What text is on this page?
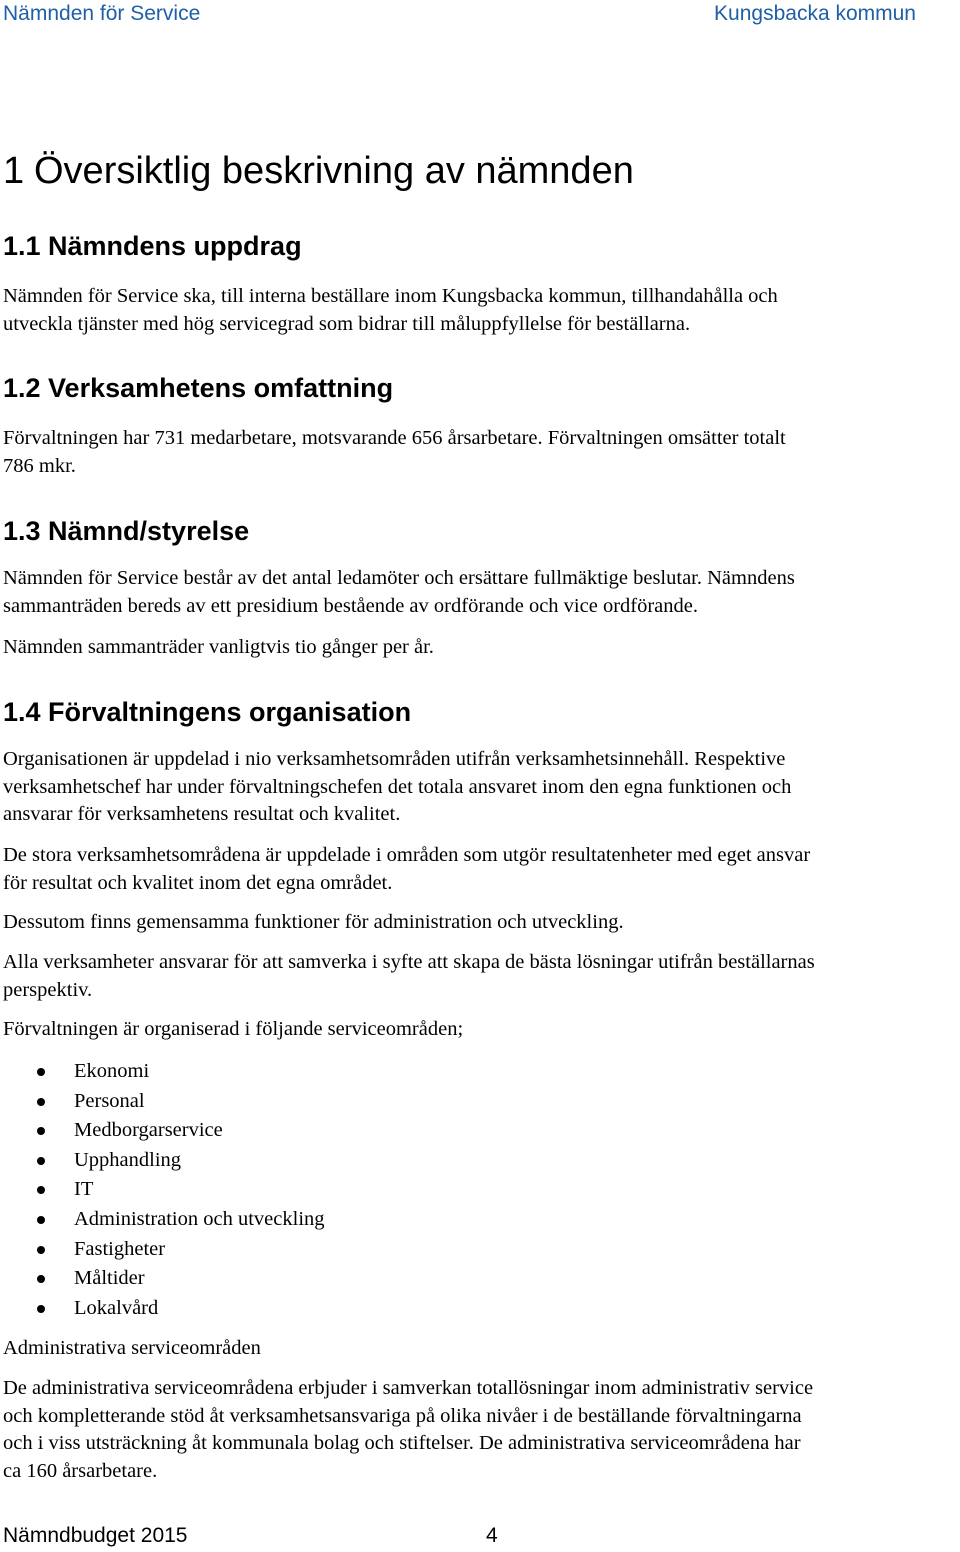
Nämnden för Service	Kungsbacka kommun
1 Översiktlig beskrivning av nämnden
1.1 Nämndens uppdrag
Nämnden för Service ska, till interna beställare inom Kungsbacka kommun, tillhandahålla och
utveckla tjänster med hög servicegrad som bidrar till måluppfyllelse för beställarna.
1.2 Verksamhetens omfattning
Förvaltningen har 731 medarbetare, motsvarande 656 årsarbetare. Förvaltningen omsätter totalt
786 mkr.
1.3 Nämnd/styrelse
Nämnden för Service består av det antal ledamöter och ersättare fullmäktige beslutar. Nämndens
sammanträden bereds av ett presidium bestående av ordförande och vice ordförande.
Nämnden sammanträder vanligtvis tio gånger per år.
1.4 Förvaltningens organisation
Organisationen är uppdelad i nio verksamhetsområden utifrån verksamhetsinnehåll. Respektive
verksamhetschef har under förvaltningschefen det totala ansvaret inom den egna funktionen och
ansvarar för verksamhetens resultat och kvalitet.
De stora verksamhetsområdena är uppdelade i områden som utgör resultatenheter med eget ansvar
för resultat och kvalitet inom det egna området.
Dessutom finns gemensamma funktioner för administration och utveckling.
Alla verksamheter ansvarar för att samverka i syfte att skapa de bästa lösningar utifrån beställarnas
perspektiv.
Förvaltningen är organiserad i följande serviceområden;
Ekonomi
Personal
Medborgarservice
Upphandling
IT
Administration och utveckling
Fastigheter
Måltider
Lokalvård
Administrativa serviceområden
De administrativa serviceområdena erbjuder i samverkan totallösningar inom administrativ service
och kompletterande stöd åt verksamhetsansvariga på olika nivåer i de beställande förvaltningarna
och i viss utsträckning åt kommunala bolag och stiftelser. De administrativa serviceområdena har
ca 160 årsarbetare.
Nämndbudget 2015	4
